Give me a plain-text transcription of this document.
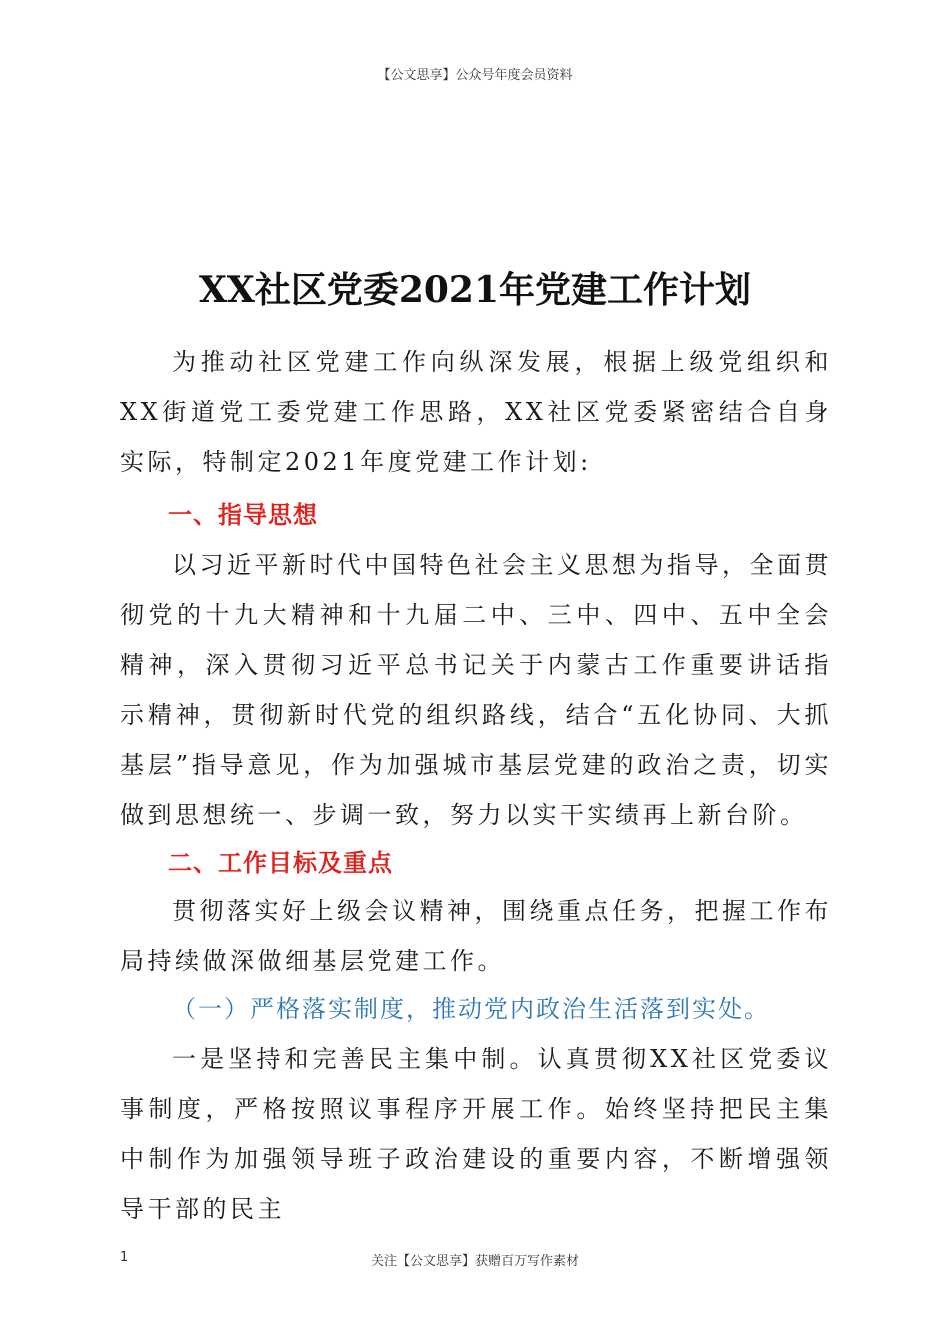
【公文思享】公众号年度会员资料
XX社区党委2021年党建工作计划
为推动社区党建工作向纵深发展，根据上级党组织和XX街道党工委党建工作思路，XX社区党委紧密结合自身实际，特制定2021年度党建工作计划:
一、指导思想
以习近平新时代中国特色社会主义思想为指导，全面贯彻党的十九大精神和十九届二中、三中、四中、五中全会精神，深入贯彻习近平总书记关于内蒙古工作重要讲话指示精神，贯彻新时代党的组织路线，结合“五化协同、大抓基层”指导意见，作为加强城市基层党建的政治之责，切实做到思想统一、步调一致，努力以实干实绩再上新台阶。
二、工作目标及重点
贯彻落实好上级会议精神，围绕重点任务，把握工作布局持续做深做细基层党建工作。
（一）严格落实制度，推动党内政治生活落到实处。
一是坚持和完善民主集中制。认真贯彻XX社区党委议事制度，严格按照议事程序开展工作。始终坚持把民主集中制作为加强领导班子政治建设的重要内容，不断增强领导干部的民主
1	关注【公文思享】获赠百万写作素材
